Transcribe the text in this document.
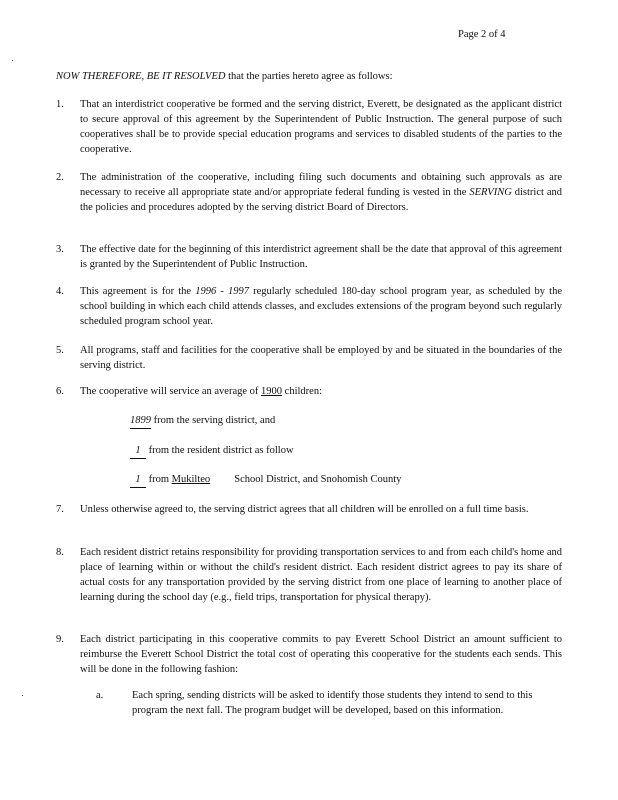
Page 2 of 4
NOW THEREFORE, BE IT RESOLVED that the parties hereto agree as follows:
1.	That an interdistrict cooperative be formed and the serving district, Everett, be designated as the applicant district to secure approval of this agreement by the Superintendent of Public Instruction. The general purpose of such cooperatives shall be to provide special education programs and services to disabled students of the parties to the cooperative.
2.	The administration of the cooperative, including filing such documents and obtaining such approvals as are necessary to receive all appropriate state and/or appropriate federal funding is vested in the SERVING district and the policies and procedures adopted by the serving district Board of Directors.
3.	The effective date for the beginning of this interdistrict agreement shall be the date that approval of this agreement is granted by the Superintendent of Public Instruction.
4.	This agreement is for the 1996 - 1997 regularly scheduled 180-day school program year, as scheduled by the school building in which each child attends classes, and excludes extensions of the program beyond such regularly scheduled program school year.
5.	All programs, staff and facilities for the cooperative shall be employed by and be situated in the boundaries of the serving district.
6.	The cooperative will service an average of 1900 children:
1899 from the serving district, and
1 from the resident district as follow
1 from Mukilteo School District, and Snohomish County
7.	Unless otherwise agreed to, the serving district agrees that all children will be enrolled on a full time basis.
8.	Each resident district retains responsibility for providing transportation services to and from each child's home and place of learning within or without the child's resident district. Each resident district agrees to pay its share of actual costs for any transportation provided by the serving district from one place of learning to another place of learning during the school day (e.g., field trips, transportation for physical therapy).
9.	Each district participating in this cooperative commits to pay Everett School District an amount sufficient to reimburse the Everett School District the total cost of operating this cooperative for the students each sends. This will be done in the following fashion:
a.	Each spring, sending districts will be asked to identify those students they intend to send to this program the next fall. The program budget will be developed, based on this information.
